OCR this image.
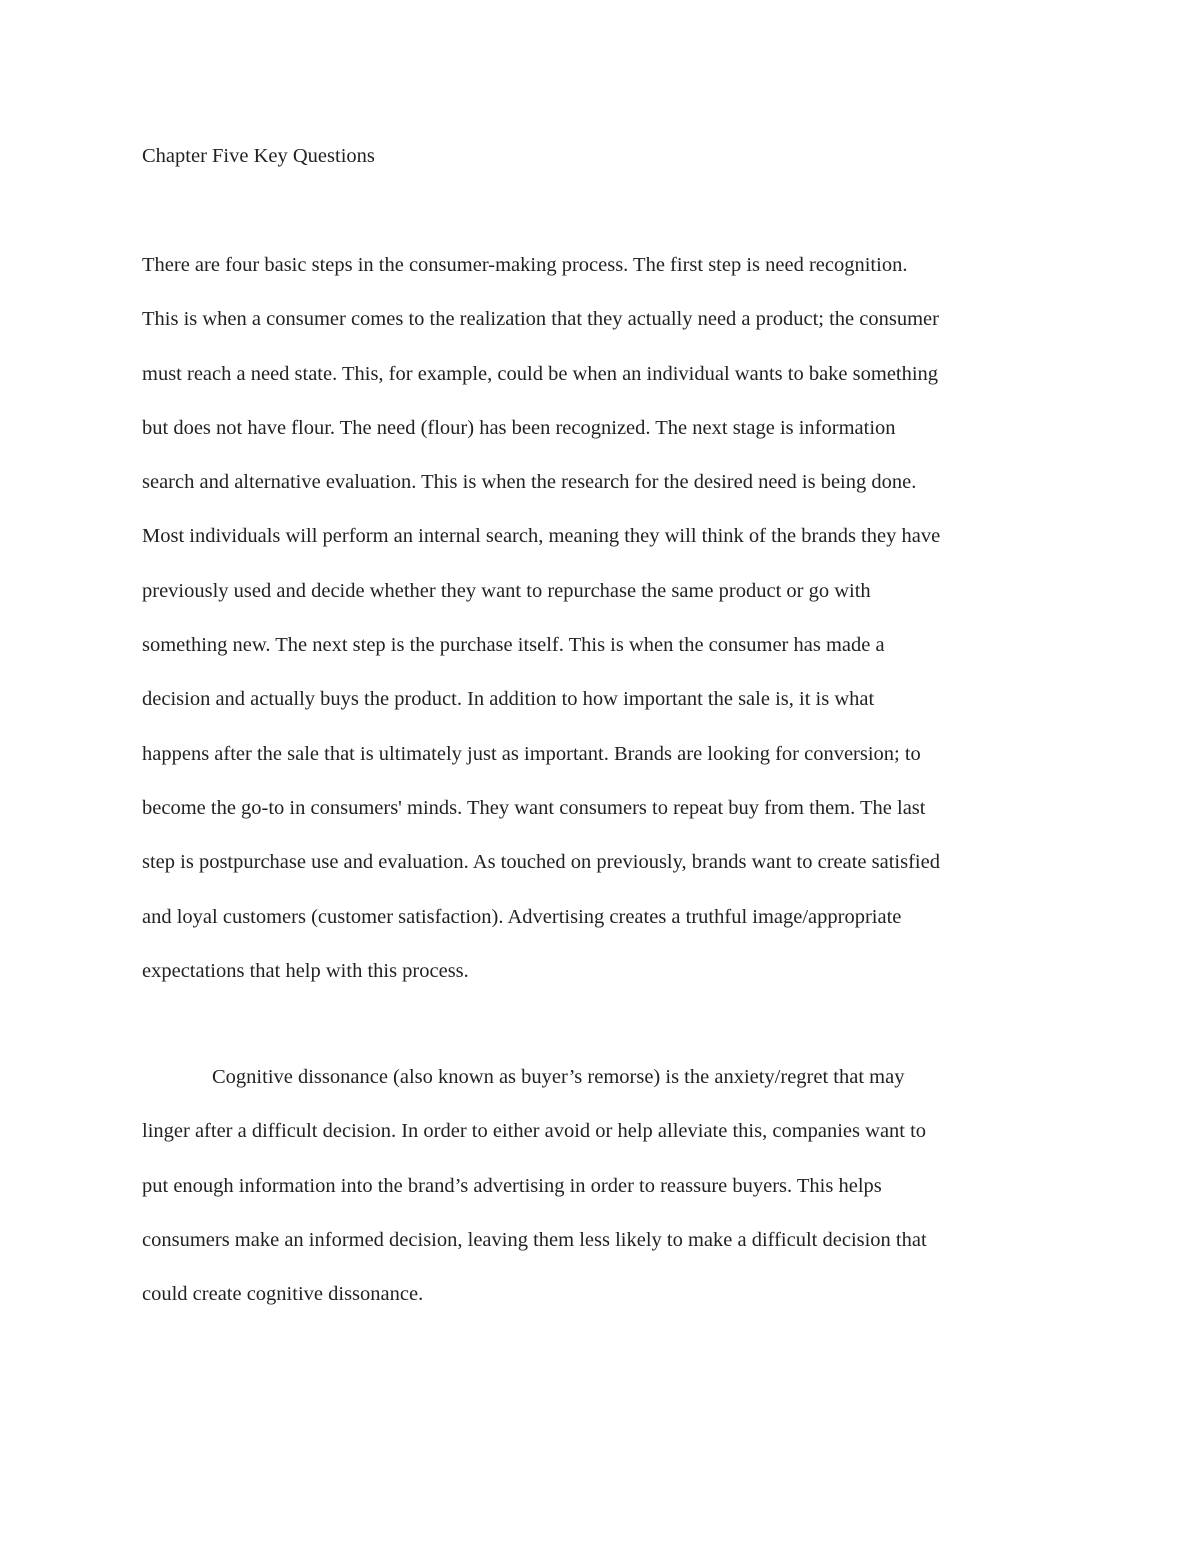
Chapter Five Key Questions
There are four basic steps in the consumer-making process. The first step is need recognition.
This is when a consumer comes to the realization that they actually need a product; the consumer
must reach a need state. This, for example, could be when an individual wants to bake something
but does not have flour. The need (flour) has been recognized. The next stage is information
search and alternative evaluation. This is when the research for the desired need is being done.
Most individuals will perform an internal search, meaning they will think of the brands they have
previously used and decide whether they want to repurchase the same product or go with
something new. The next step is the purchase itself. This is when the consumer has made a
decision and actually buys the product. In addition to how important the sale is, it is what
happens after the sale that is ultimately just as important. Brands are looking for conversion; to
become the go-to in consumers' minds. They want consumers to repeat buy from them. The last
step is postpurchase use and evaluation. As touched on previously, brands want to create satisfied
and loyal customers (customer satisfaction). Advertising creates a truthful image/appropriate
expectations that help with this process.
Cognitive dissonance (also known as buyer’s remorse) is the anxiety/regret that may
linger after a difficult decision. In order to either avoid or help alleviate this, companies want to
put enough information into the brand’s advertising in order to reassure buyers. This helps
consumers make an informed decision, leaving them less likely to make a difficult decision that
could create cognitive dissonance.
